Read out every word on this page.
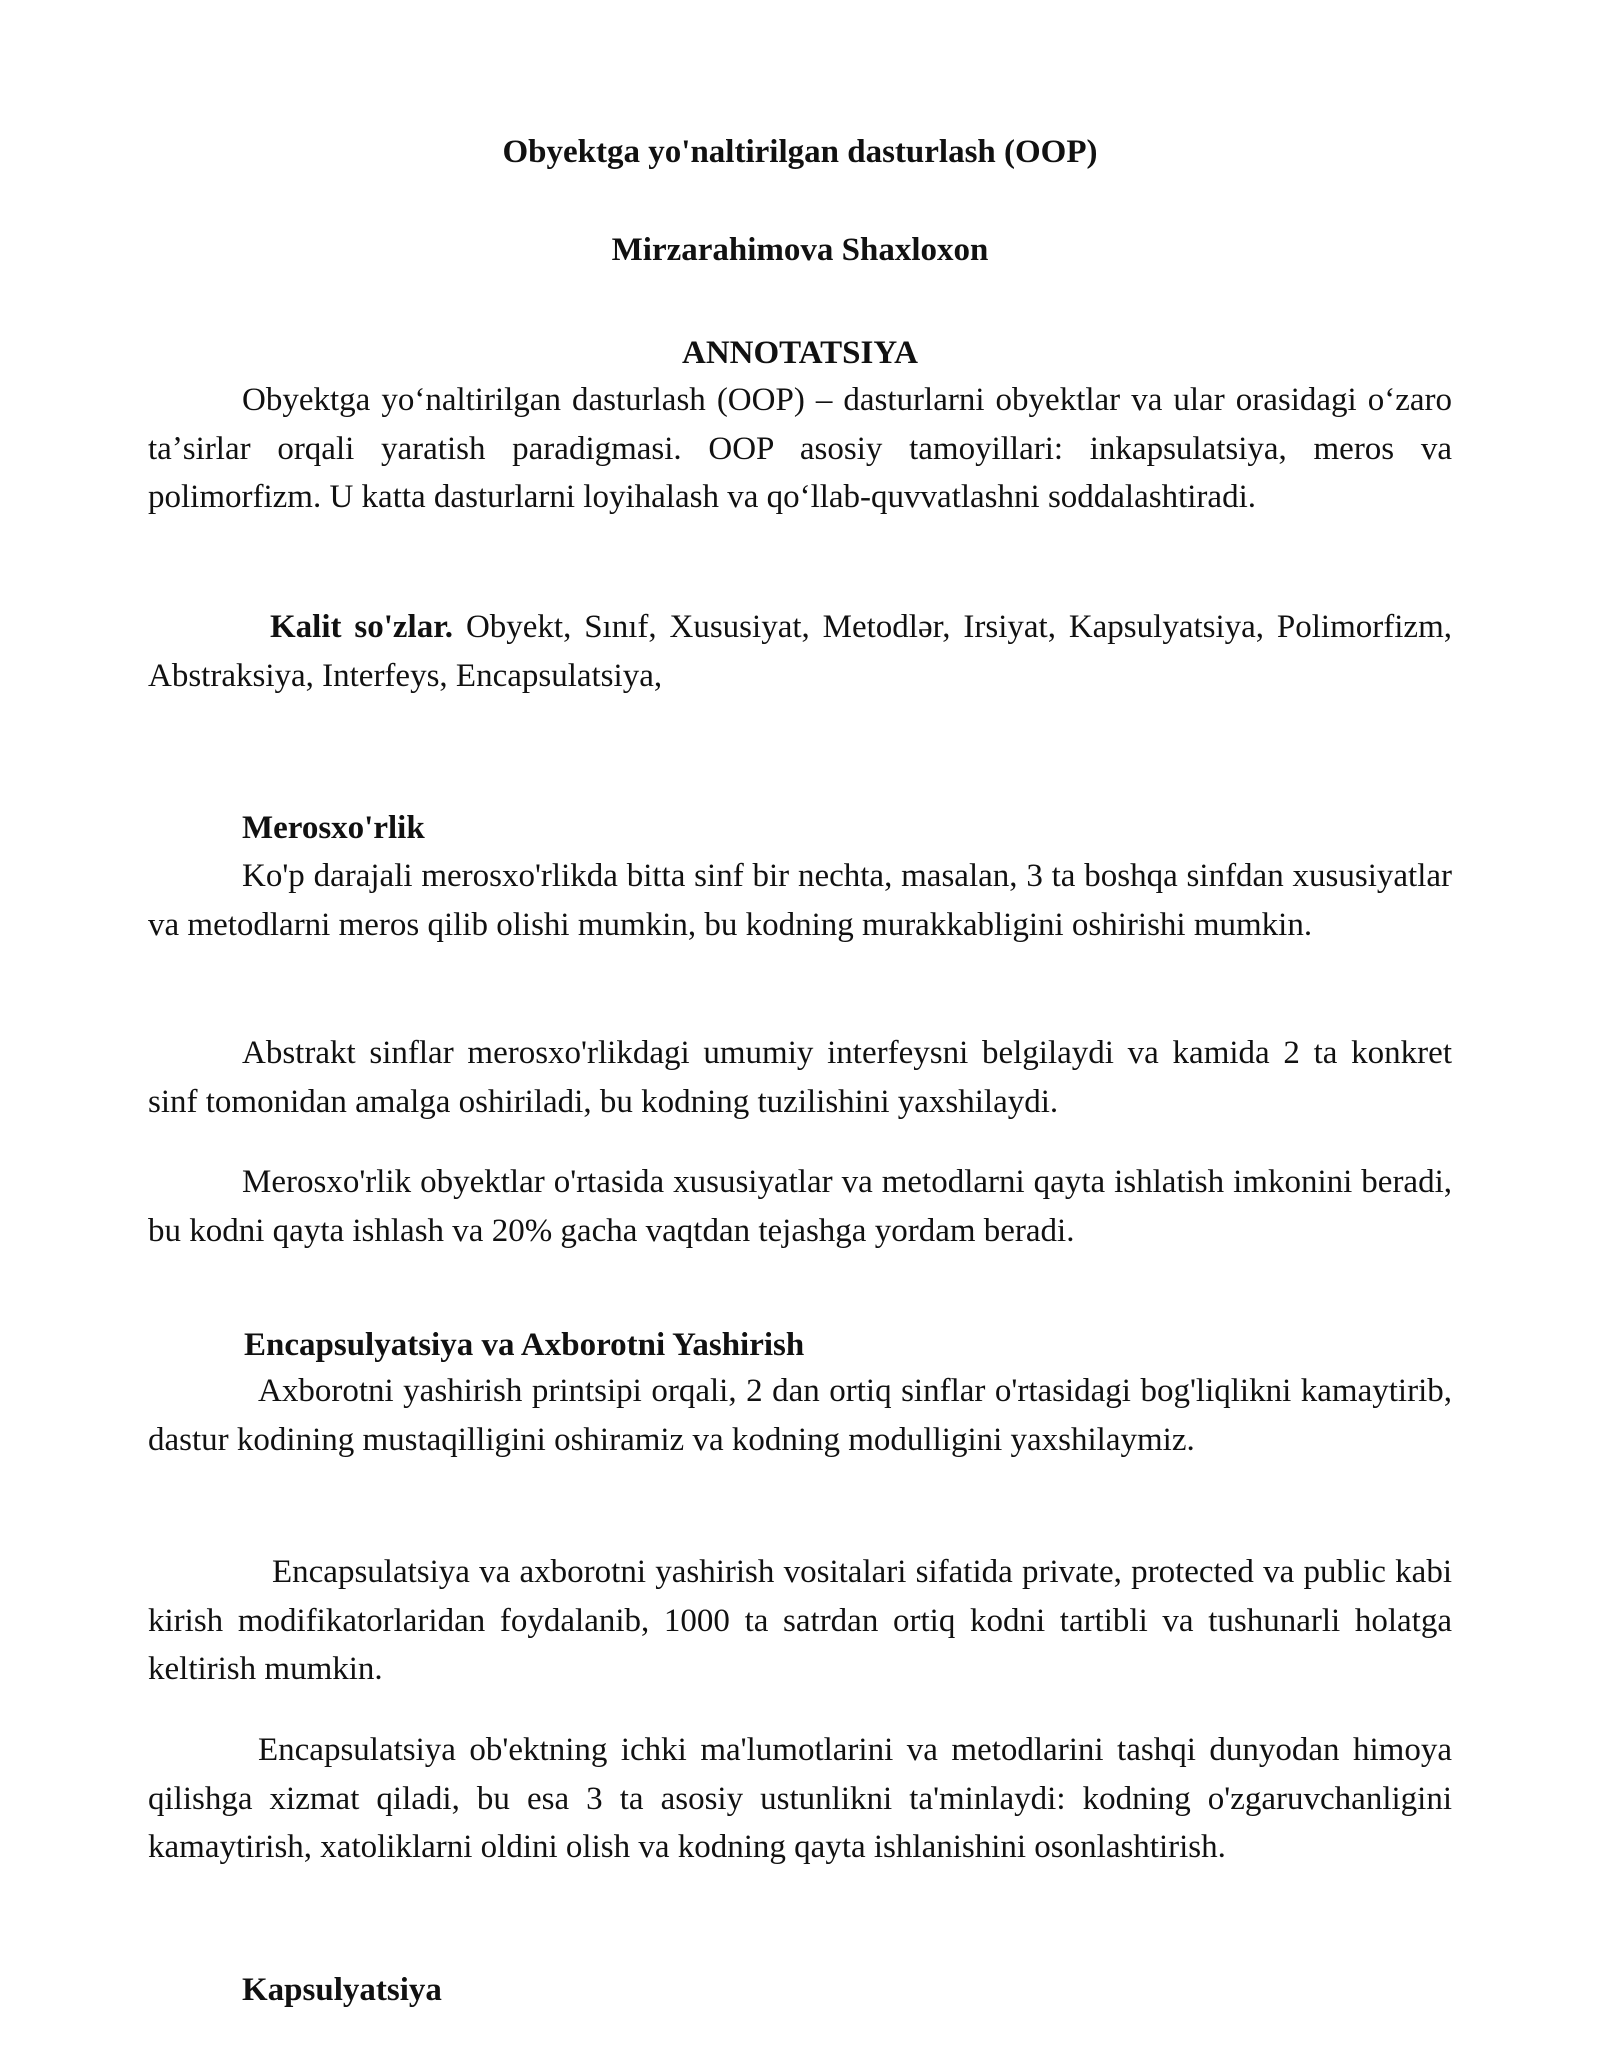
Obyektga yo'naltirilgan dasturlash (OOP)
Mirzarahimova Shaxloxon
ANNOTATSIYA

Obyektga yoʻnaltirilgan dasturlash (OOP) – dasturlarni obyektlar va ular orasidagi oʻzaro taʼsirlar orqali yaratish paradigmasi. OOP asosiy tamoyillari: inkapsulatsiya, meros va polimorfizm. U katta dasturlarni loyihalash va qoʻllab-quvvatlashni soddalashtiradi.

Kalit so'zlar. Obyekt, Sınıf, Xususiyat, Metodlər, Irsiyat, Kapsulyatsiya, Polimorfizm, Abstraksiya, Interfeys, Encapsulatsiya,

Merosxo'rlik

Ko'p darajali merosxo'rlikda bitta sinf bir nechta, masalan, 3 ta boshqa sinfdan xususiyatlar va metodlarni meros qilib olishi mumkin, bu kodning murakkabligini oshirishi mumkin.

Abstrakt sinflar merosxo'rlikdagi umumiy interfeysni belgilaydi va kamida 2 ta konkret sinf tomonidan amalga oshiriladi, bu kodning tuzilishini yaxshilaydi.

Merosxo'rlik obyektlar o'rtasida xususiyatlar va metodlarni qayta ishlatish imkonini beradi, bu kodni qayta ishlash va 20% gacha vaqtdan tejashga yordam beradi.

Encapsulyatsiya va Axborotni Yashirish

Axborotni yashirish printsipi orqali, 2 dan ortiq sinflar o'rtasidagi bog'liqlikni kamaytirib, dastur kodining mustaqilligini oshiramiz va kodning modulligini yaxshilaymiz.

Encapsulatsiya va axborotni yashirish vositalari sifatida private, protected va public kabi kirish modifikatorlaridan foydalanib, 1000 ta satrdan ortiq kodni tartibli va tushunarli holatga keltirish mumkin.

Encapsulatsiya ob'ektning ichki ma'lumotlarini va metodlarini tashqi dunyodan himoya qilishga xizmat qiladi, bu esa 3 ta asosiy ustunlikni ta'minlaydi: kodning o'zgaruvchanligini kamaytirish, xatoliklarni oldini olish va kodning qayta ishlanishini osonlashtirish.

Kapsulyatsiya
